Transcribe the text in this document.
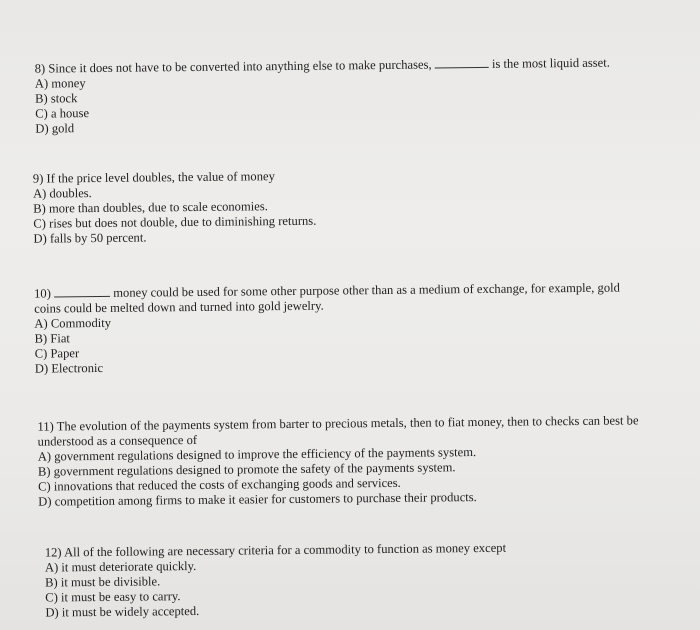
8) Since it does not have to be converted into anything else to make purchases,	is the most liquid asset.
A) money
B) stock
C) a house
D) gold
9) If the price level doubles, the value of money
A) doubles.
B) more than doubles, due to scale economies.
C) rises but does not double, due to diminishing returns.
D) falls by 50 percent.
10)	money could be used for some other purpose other than as a medium of exchange, for example, gold
coins could be melted down and turned into gold jewelry.
A) Commodity
B) Fiat
C) Paper
D) Electronic
11) The evolution of the payments system from barter to precious metals, then to fiat money, then to checks can best be
understood as a consequence of
A) government regulations designed to improve the efficiency of the payments system.
B) government regulations designed to promote the safety of the payments system.
C) innovations that reduced the costs of exchanging goods and services.
D) competition among firms to make it easier for customers to purchase their products.
12) All of the following are necessary criteria for a commodity to function as money except
A) it must deteriorate quickly.
B) it must be divisible.
C) it must be easy to carry.
D) it must be widely accepted.
